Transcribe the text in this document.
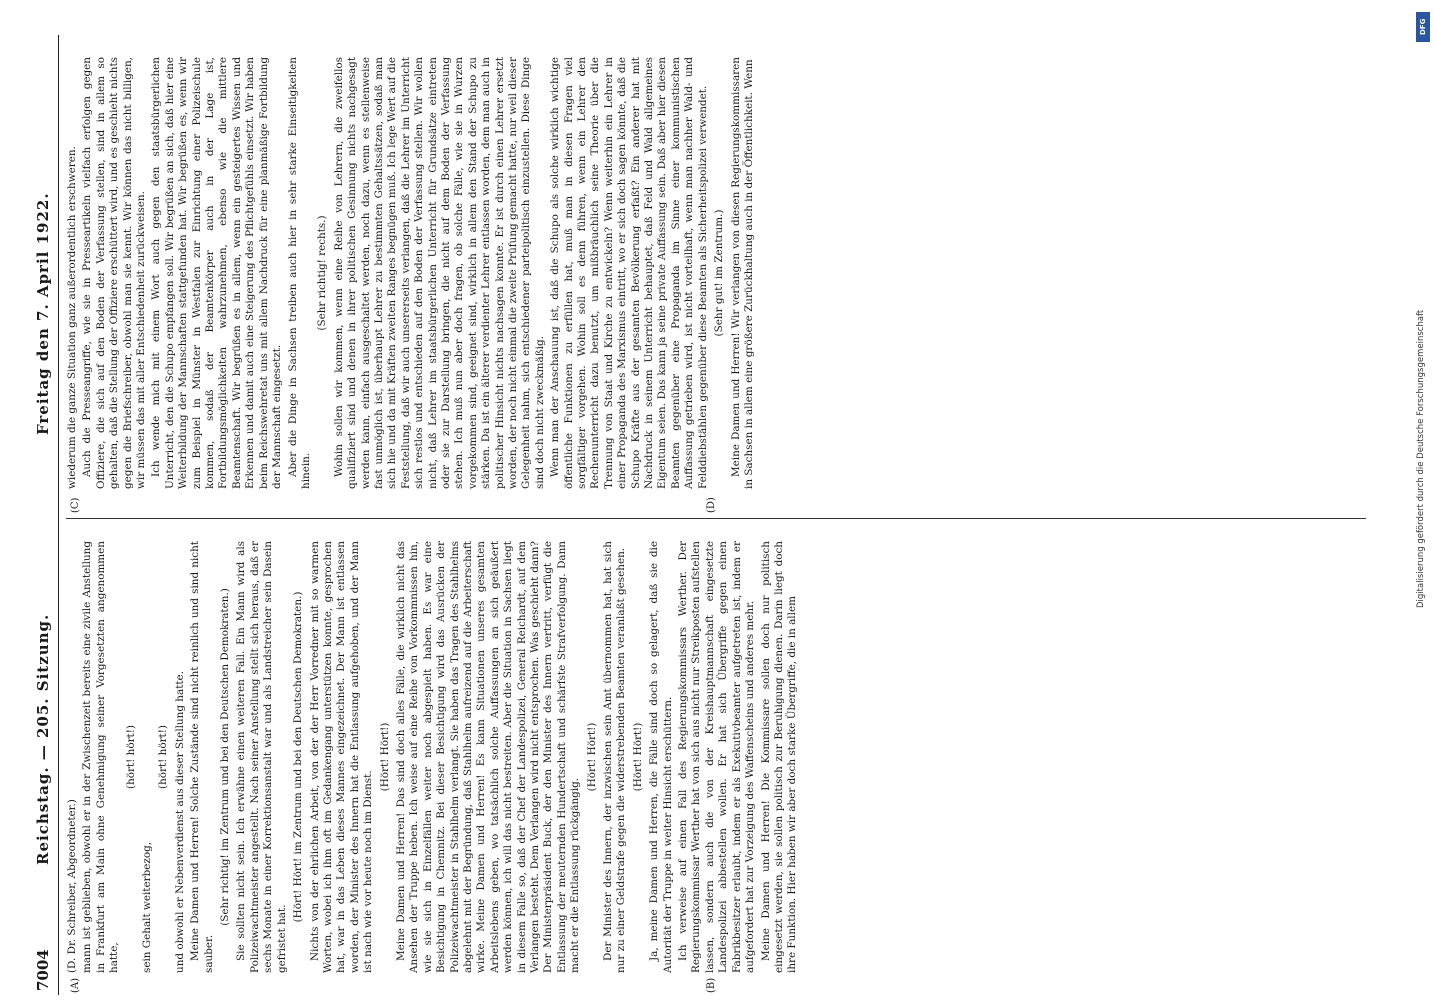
7004
Reichstag. — 205. Sitzung.
Freitag den 7. April 1922.
(A)	(B)
(C)	(D)

(D. Dr. Schreiber, Abgeordneter.) mann ist geblieben, obwohl er in der Zwischenzeit bereits eine zivile Anstellung in Frankfurt am Main ohne Genehmigung seiner Vorgesetzten angenommen hatte,

(hört! hört!)

sein Gehalt weiterbezog,

(hört! hört!) und obwohl er Nebenverdienst aus dieser Stellung hatte. Meine Damen und Herren! Solche Zustände sind nicht reinlich und sind nicht sauber.

(Sehr richtig! im Zentrum und bei den Deutschen Demokraten.) Sie sollten nicht sein. Ich erwähne einen weiteren Fall. Ein Mann wird als Polizeiwachtmeister angestellt. Nach seiner Anstellung stellt sich heraus, daß er sechs Monate in einer Korrektionsanstalt war und als Landstreicher sein Dasein gefristet hat.

(Hört! Hört! im Zentrum und bei den Deutschen Demokraten.) Nichts von der ehrlichen Arbeit, von der der Herr Vorredner mit so warmen Worten, wobei ich ihm oft im Gedankengang unterstützen konnte, gesprochen hat, war in das Leben dieses Mannes eingezeichnet. Der Mann ist entlassen worden, der Minister des Innern hat die Entlassung aufgehoben, und der Mann ist nach wie vor heute noch im Dienst.

(Hört! Hört!) Meine Damen und Herren! Das sind doch alles Fälle, die wirklich nicht das Ansehen der Truppe heben. Ich weise auf eine Reihe von Vorkommnissen hin, wie sie sich in Einzelfällen weiter noch abgespielt haben. Es war eine Besichtigung in Chemnitz. Bei dieser Besichtigung wird das Ausrücken der Polizeiwachtmeister in Stahlhelm verlangt. Sie haben das Tragen des Stahlhelms abgelehnt mit der Begründung, daß Stahlhelm aufreizend auf die Arbeiterschaft wirke. Meine Damen und Herren! Es kann Situationen unseres gesamten Arbeitslebens geben, wo tatsächlich solche Auffassungen an sich geäußert werden können, ich will das nicht bestreiten. Aber die Situation in Sachsen liegt in diesem Falle so, daß der Chef der Landespolizei, General Reichardt, auf dem Verlangen besteht. Dem Verlangen wird nicht entsprochen. Was geschieht dann? Der Ministerpräsident Buck, der den Minister des Innern vertritt, verfügt die Entlassung der meuternden Hundertschaft und schärfste Strafverfolgung. Dann macht er die Entlassung rückgängig.

(Hört! Hört!) Der Minister des Innern, der inzwischen sein Amt übernommen hat, hat sich nur zu einer Geldstrafe gegen die widerstrebenden Beamten veranlaßt gesehen. (Hört! Hört!) Ja, meine Damen und Herren, die Fälle sind doch so gelagert, daß sie die Autorität der Truppe in weiter Hinsicht erschüttern. Ich verweise auf einen Fall des Regierungskommissars Werther. Der Regierungskommissar Werther hat von sich aus nicht nur Streikposten aufstellen lassen, sondern auch die von der Kreishauptmannschaft eingesetzte Landespolizei abbestellen wollen. Er hat sich Übergriffe gegen einen Fabrikbesitzer erlaubt, indem er als Exekutivbeamter aufgetreten ist, indem er aufgefordert hat zur Vorzeigung des Waffenscheins und anderes mehr. Meine Damen und Herren! Die Kommissare sollen doch nur politisch eingesetzt werden, sie sollen politisch zur Beruhigung dienen. Darin liegt doch ihre Funktion. Hier haben wir aber doch starke Übergriffe, die in allem

wiederum die ganze Situation ganz außerordentlich erschweren. Auch die Presseangriffe, wie sie in Presseartikeln vielfach erfolgen gegen Offiziere, die sich auf den Boden der Verfassung stellen, sind in allem so gehalten, daß die Stellung der Offiziere erschüttert wird, und es geschieht nichts gegen die Briefschreiber, obwohl man sie kennt. Wir können das nicht billigen, wir müssen das mit aller Entschiedenheit zurückweisen. Ich wende mich mit einem Wort auch gegen den staatsbürgerlichen Unterricht, den die Schupo empfangen soll. Wir begrüßen an sich, daß hier eine Weiterbildung der Mannschaften stattgefunden hat. Wir begrüßen es, wenn wir zum Beispiel in Münster in Westfalen zur Einrichtung einer Polizeischule kommen, sodaß der Beamtenkörper auch in der Lage ist, Fortbildungsmöglichkeiten wahrzunehmen, ebenso wie die mittlere Beamtenschaft. Wir begrüßen es in allem, wenn ein gesteigertes Wissen und Erkennen und damit auch eine Steigerung des Pflichtgefühls einsetzt. Wir haben beim Reichswehretat uns mit allem Nachdruck für eine planmäßige Fortbildung der Mannschaft eingesetzt. Aber die Dinge in Sachsen treiben auch hier in sehr starke Einseitigkeiten hinein.

(Sehr richtig! rechts.) Wohin sollen wir kommen, wenn eine Reihe von Lehrern, die zweifellos qualifiziert sind und denen in ihrer politischen Gesinnung nichts nachgesagt werden kann, einfach ausgeschaltet werden, noch dazu, wenn es stellenweise fast unmöglich ist, überhaupt Lehrer zu bestimmten Gehaltssätzen, sodaß man sich hie und da mit Kräften zweiten Ranges begnügen muß. Ich lege Wert auf die Feststellung, daß wir auch unsererseits verlangen, daß die Lehrer im Unterricht sich restlos und entschieden auf den Boden der Verfassung stellen. Wir wollen nicht, daß Lehrer im staatsbürgerlichen Unterricht für Grundsätze eintreten oder sie zur Darstellung bringen, die nicht auf dem Boden der Verfassung stehen. Ich muß nun aber doch fragen, ob solche Fälle, wie sie in Wurzen vorgekommen sind, geeignet sind, wirklich in allem den Stand der Schupo zu stärken. Da ist ein älterer verdienter Lehrer entlassen worden, dem man auch in politischer Hinsicht nichts nachsagen konnte. Er ist durch einen Lehrer ersetzt worden, der noch nicht einmal die zweite Prüfung gemacht hatte, nur weil dieser Gelegenheit nahm, sich entschiedener parteipolitisch einzustellen. Diese Dinge sind doch nicht zweckmäßig. Wenn man der Anschauung ist, daß die Schupo als solche wirklich wichtige öffentliche Funktionen zu erfüllen hat, muß man in diesen Fragen viel sorgfältiger vorgehen. Wohin soll es denn führen, wenn ein Lehrer den Rechenunterricht dazu benutzt, um mißbräuchlich seine Theorie über die Trennung von Staat und Kirche zu entwickeln? Wenn weiterhin ein Lehrer in einer Propaganda des Marxismus eintritt, wo er sich doch sagen könnte, daß die Schupo Kräfte aus der gesamten Bevölkerung erfaßt? Ein anderer hat mit Nachdruck in seinem Unterricht behauptet, daß Feld und Wald allgemeines Eigentum seien. Das kann ja seine private Auffassung sein. Daß aber hier diesen Beamten gegenüber eine Propaganda im Sinne einer kommunistischen Auffassung getrieben wird, ist nicht vorteilhaft, wenn man nachher Wald- und Felddiebstählen gegenüber diese Beamten als Sicherheitspolizei verwendet. (Sehr gut! im Zentrum.) Meine Damen und Herren! Wir verlangen von diesen Regierungskommissaren in Sachsen in allem eine größere Zurückhaltung auch in der Öffentlichkeit. Wenn

DFG
Digitalisierung gefördert durch die Deutsche Forschungsgemeinschaft
